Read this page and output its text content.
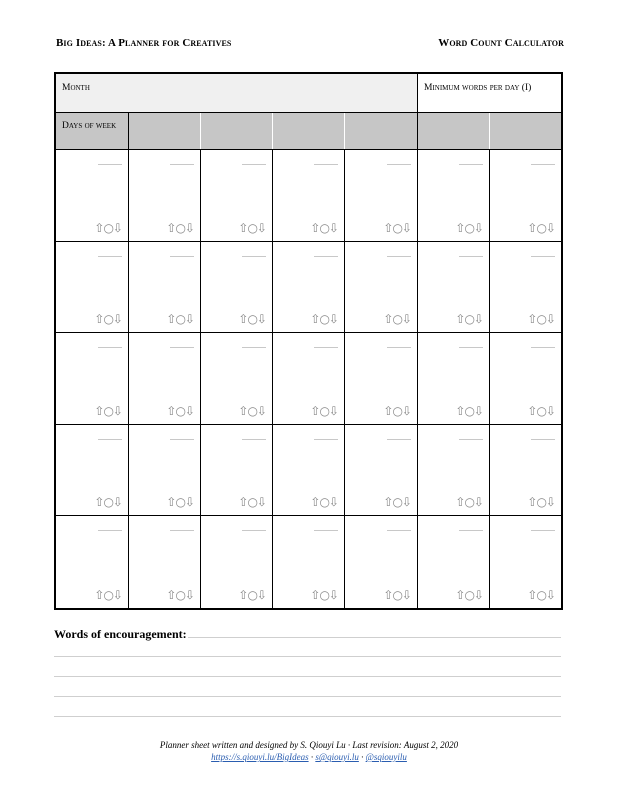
Big Ideas: A Planner for Creatives	Word Count Calculator
Month	Minimum words per day (I)
Days of week
⇧○⇩	⇧○⇩	⇧○⇩	⇧○⇩	⇧○⇩	⇧○⇩	⇧○⇩
⇧○⇩	⇧○⇩	⇧○⇩	⇧○⇩	⇧○⇩	⇧○⇩	⇧○⇩
⇧○⇩	⇧○⇩	⇧○⇩	⇧○⇩	⇧○⇩	⇧○⇩	⇧○⇩
⇧○⇩	⇧○⇩	⇧○⇩	⇧○⇩	⇧○⇩	⇧○⇩	⇧○⇩
⇧○⇩	⇧○⇩	⇧○⇩	⇧○⇩	⇧○⇩	⇧○⇩	⇧○⇩
Words of encouragement:
Planner sheet written and designed by S. Qiouyi Lu · Last revision: August 2, 2020
https://s.qiouyi.lu/BigIdeas · s@qiouyi.lu · @sqiouyilu
